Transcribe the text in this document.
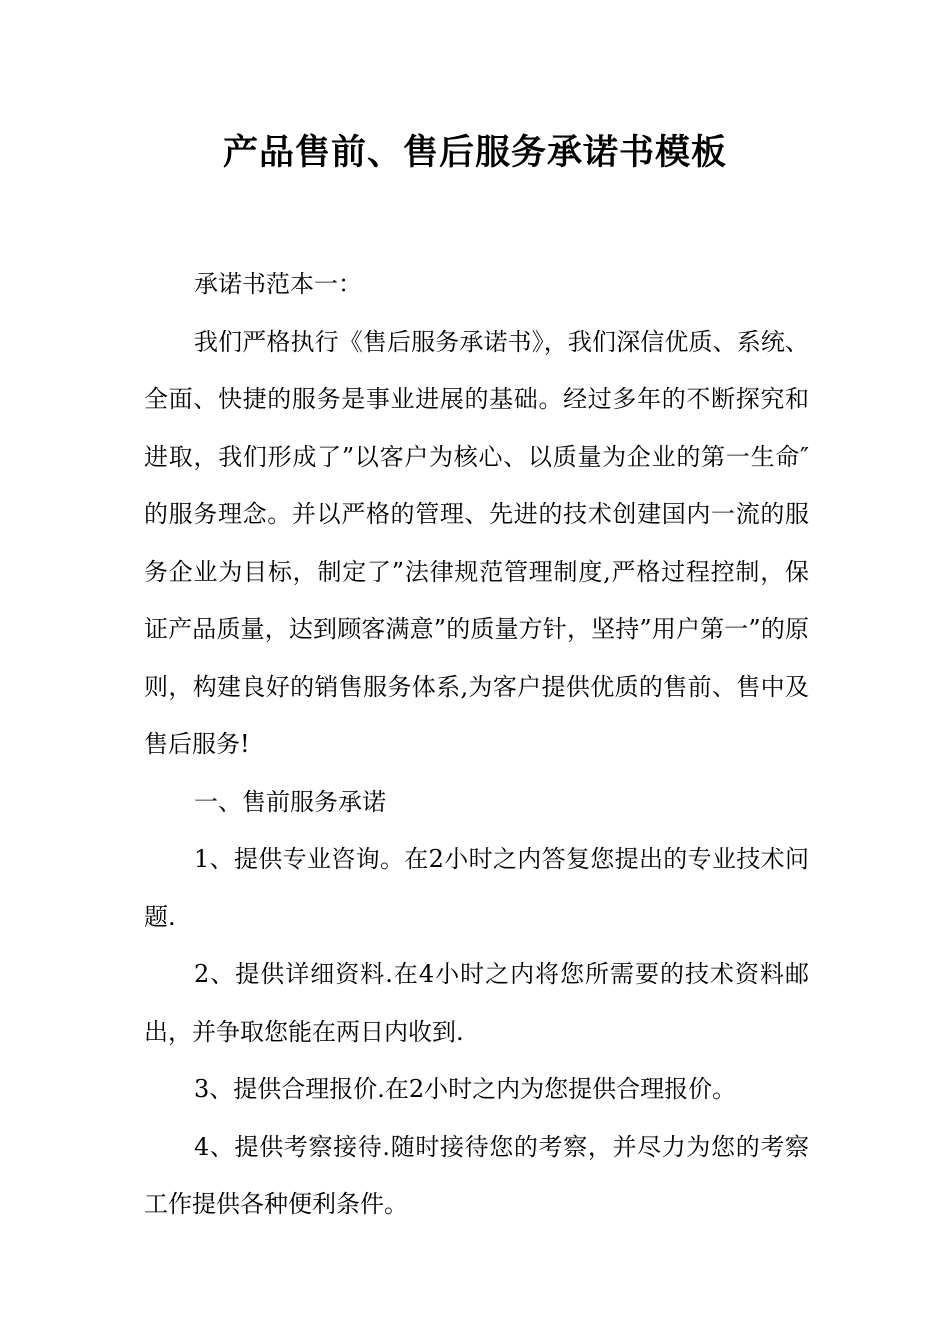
产品售前、售后服务承诺书模板

承诺书范本一：

我们严格执行《售后服务承诺书》，我们深信优质、系统、全面、快捷的服务是事业进展的基础。经过多年的不断探究和进取，我们形成了”以客户为核心、以质量为企业的第一生命″的服务理念。并以严格的管理、先进的技术创建国内一流的服务企业为目标，制定了”法律规范管理制度,严格过程控制，保证产品质量，达到顾客满意”的质量方针，坚持”用户第一”的原则，构建良好的销售服务体系,为客户提供优质的售前、售中及售后服务!

一、售前服务承诺

1、提供专业咨询。在2小时之内答复您提出的专业技术问题.

2、提供详细资料.在4小时之内将您所需要的技术资料邮出，并争取您能在两日内收到.

3、提供合理报价.在2小时之内为您提供合理报价。

4、提供考察接待.随时接待您的考察，并尽力为您的考察工作提供各种便利条件。
